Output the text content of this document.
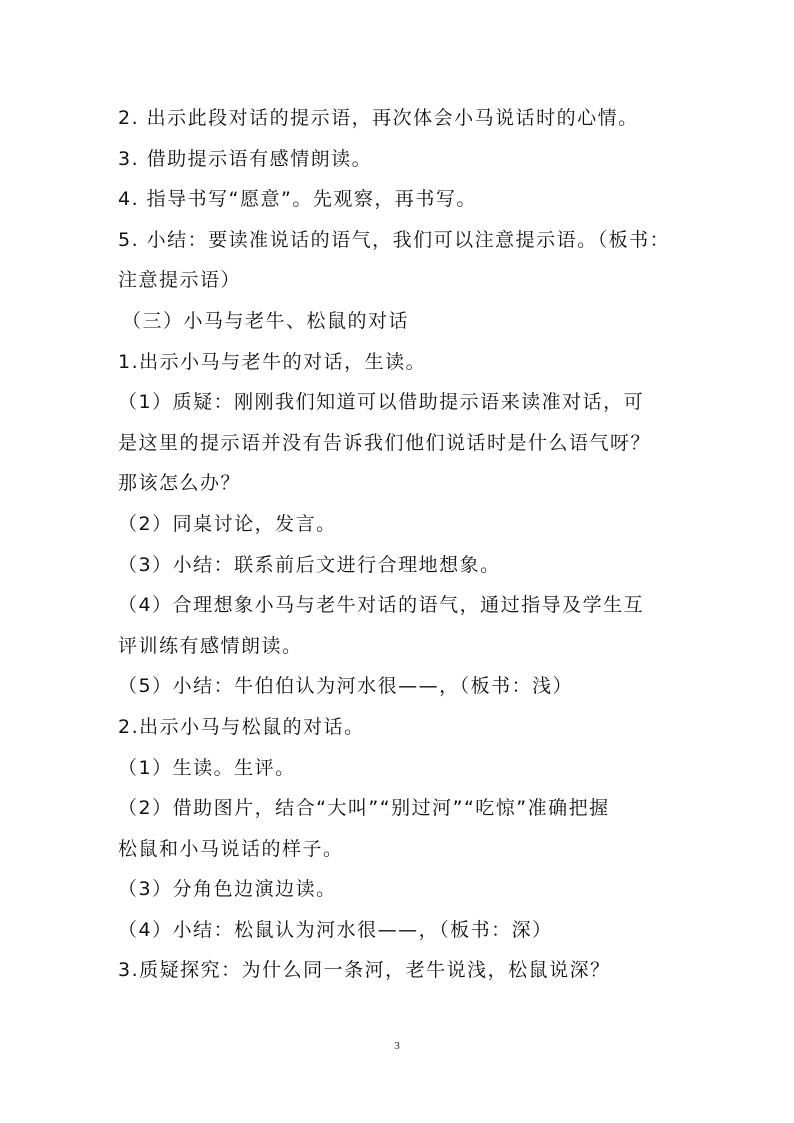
2. 出示此段对话的提示语，再次体会小马说话时的心情。
3. 借助提示语有感情朗读。
4. 指导书写“愿意”。先观察，再书写。
5. 小结：要读准说话的语气，我们可以注意提示语。（板书：
注意提示语）
（三）小马与老牛、松鼠的对话
1.出示小马与老牛的对话，生读。
（1）质疑：刚刚我们知道可以借助提示语来读准对话，可
是这里的提示语并没有告诉我们他们说话时是什么语气呀？
那该怎么办？
（2）同桌讨论，发言。
（3）小结：联系前后文进行合理地想象。
（4）合理想象小马与老牛对话的语气，通过指导及学生互
评训练有感情朗读。
（5）小结：牛伯伯认为河水很——，（板书：浅）
2.出示小马与松鼠的对话。
（1）生读。生评。
（2）借助图片，结合“大叫”“别过河”“吃惊”准确把握
松鼠和小马说话的样子。
（3）分角色边演边读。
（4）小结：松鼠认为河水很——，（板书：深）
3.质疑探究：为什么同一条河，老牛说浅，松鼠说深？
3
